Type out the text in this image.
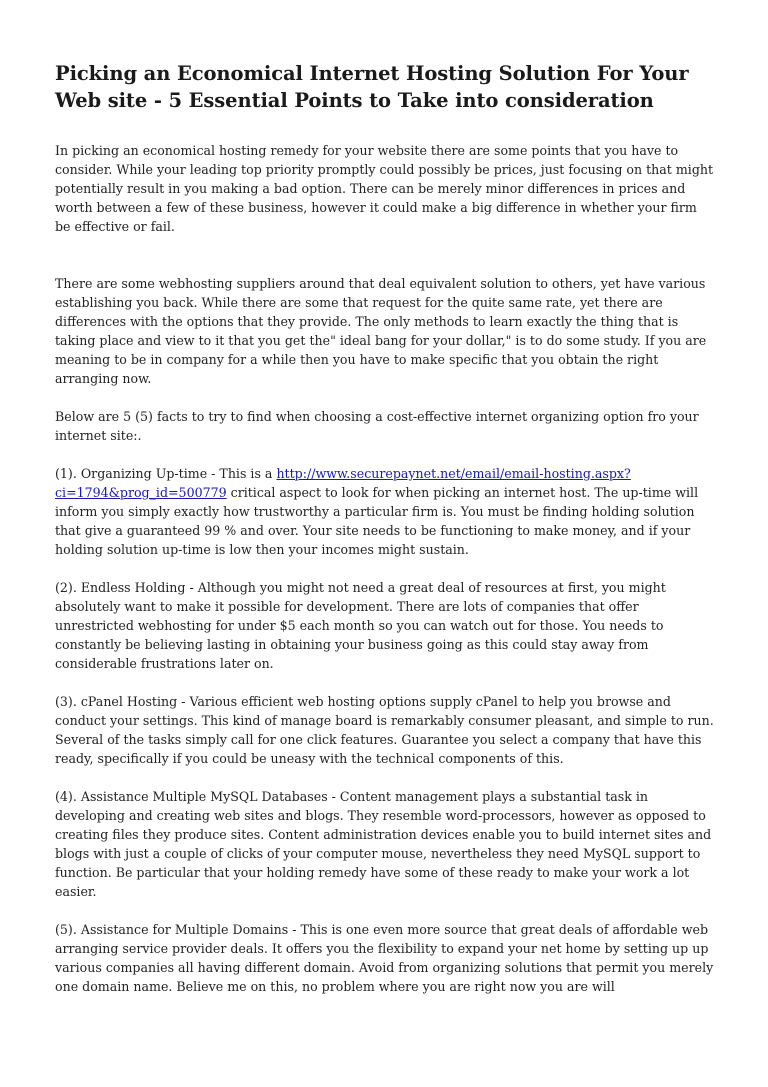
Picking an Economical Internet Hosting Solution For Your Web site - 5 Essential Points to Take into consideration

In picking an economical hosting remedy for your website there are some points that you have to consider. While your leading top priority promptly could possibly be prices, just focusing on that might potentially result in you making a bad option. There can be merely minor differences in prices and worth between a few of these business, however it could make a big difference in whether your firm be effective or fail.

There are some webhosting suppliers around that deal equivalent solution to others, yet have various establishing you back. While there are some that request for the quite same rate, yet there are differences with the options that they provide. The only methods to learn exactly the thing that is taking place and view to it that you get the" ideal bang for your dollar," is to do some study. If you are meaning to be in company for a while then you have to make specific that you obtain the right arranging now.

Below are 5 (5) facts to try to find when choosing a cost-effective internet organizing option fro your internet site:.

(1). Organizing Up-time - This is a http://www.securepaynet.net/email/email-hosting.aspx?ci=1794&prog_id=500779 critical aspect to look for when picking an internet host. The up-time will inform you simply exactly how trustworthy a particular firm is. You must be finding holding solution that give a guaranteed 99 % and over. Your site needs to be functioning to make money, and if your holding solution up-time is low then your incomes might sustain.

(2). Endless Holding - Although you might not need a great deal of resources at first, you might absolutely want to make it possible for development. There are lots of companies that offer unrestricted webhosting for under $5 each month so you can watch out for those. You needs to constantly be believing lasting in obtaining your business going as this could stay away from considerable frustrations later on.

(3). cPanel Hosting - Various efficient web hosting options supply cPanel to help you browse and conduct your settings. This kind of manage board is remarkably consumer pleasant, and simple to run. Several of the tasks simply call for one click features. Guarantee you select a company that have this ready, specifically if you could be uneasy with the technical components of this.

(4). Assistance Multiple MySQL Databases - Content management plays a substantial task in developing and creating web sites and blogs. They resemble word-processors, however as opposed to creating files they produce sites. Content administration devices enable you to build internet sites and blogs with just a couple of clicks of your computer mouse, nevertheless they need MySQL support to function. Be particular that your holding remedy have some of these ready to make your work a lot easier.

(5). Assistance for Multiple Domains - This is one even more source that great deals of affordable web arranging service provider deals. It offers you the flexibility to expand your net home by setting up up various companies all having different domain. Avoid from organizing solutions that permit you merely one domain name. Believe me on this, no problem where you are right now you are will
